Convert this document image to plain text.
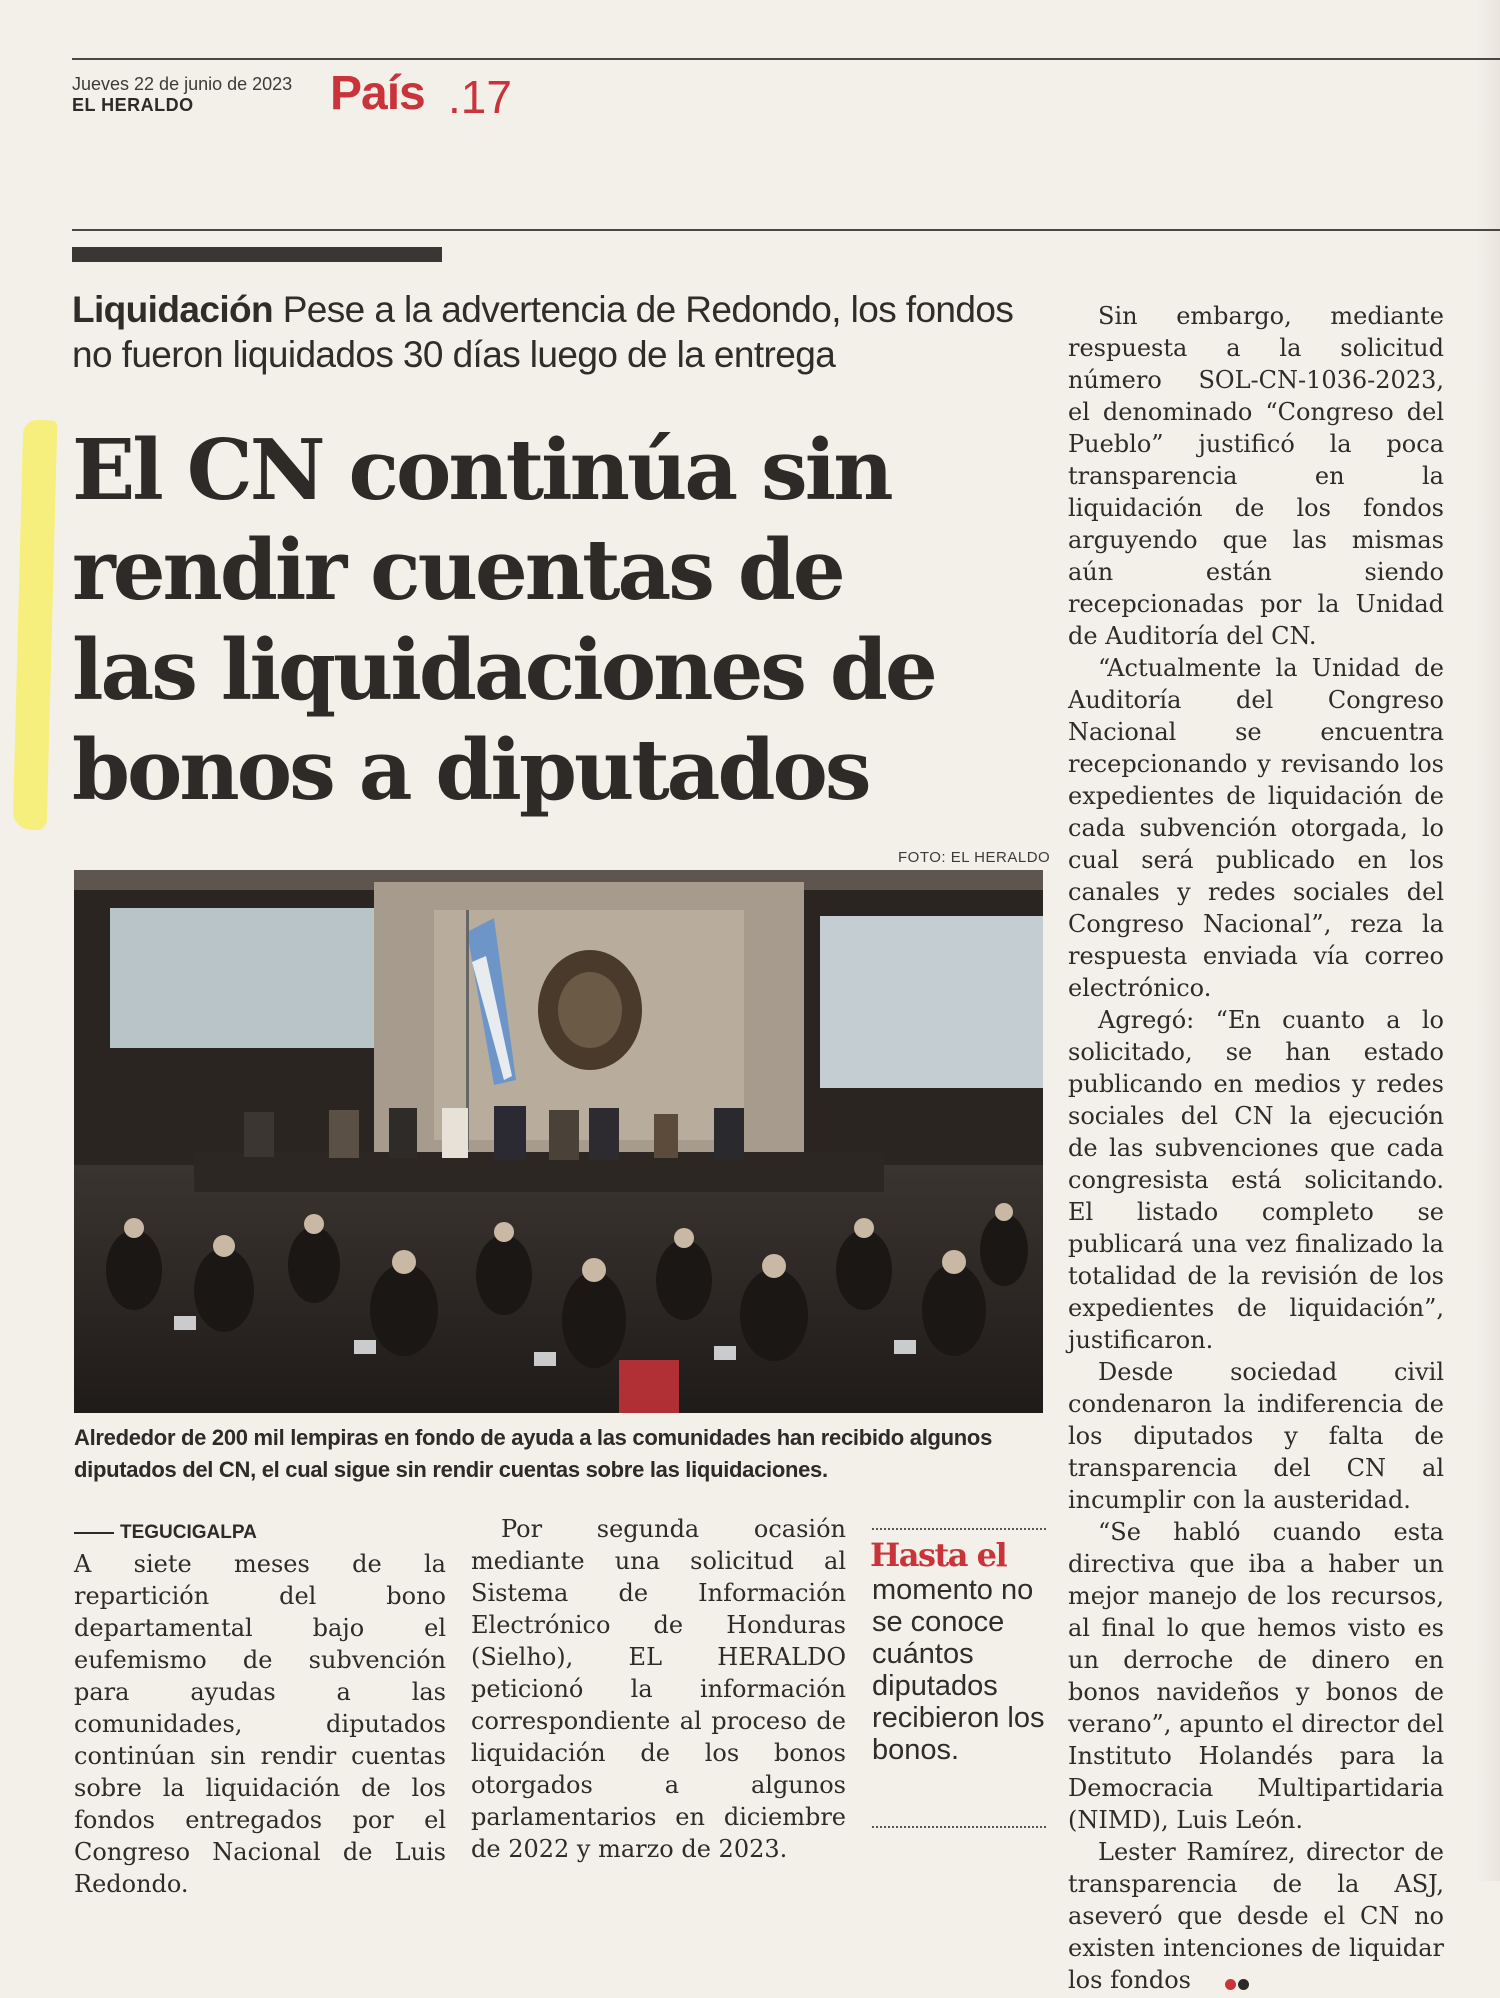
Jueves 22 de junio de 2023
EL HERALDO	País .17
Liquidación Pese a la advertencia de Redondo, los fondos no fueron liquidados 30 días luego de la entrega
El CN continúa sin
rendir cuentas de
las liquidaciones de
bonos a diputados
FOTO: EL HERALDO
Alrededor de 200 mil lempiras en fondo de ayuda a las comunidades han recibido algunos diputados del CN, el cual sigue sin rendir cuentas sobre las liquidaciones.
TEGUCIGALPA

A siete meses de la repartición del bono departamental bajo el eufemismo de subvención para ayudas a las comunidades, diputados continúan sin rendir cuentas sobre la liquidación de los fondos entregados por el Congreso Nacional de Luis Redondo.

Por segunda ocasión mediante una solicitud al Sistema de Información Electrónico de Honduras (Sielho), EL HERALDO peticionó la información correspondiente al proceso de liquidación de los bonos otorgados a algunos parlamentarios en diciembre de 2022 y marzo de 2023.

Hasta el
momento no se conoce cuántos diputados recibieron los bonos.

Sin embargo, mediante respuesta a la solicitud número SOL-CN-1036-2023, el denominado “Congreso del Pueblo” justificó la poca transparencia en la liquidación de los fondos arguyendo que las mismas aún están siendo recepcionadas por la Unidad de Auditoría del CN.

“Actualmente la Unidad de Auditoría del Congreso Nacional se encuentra recepcionando y revisando los expedientes de liquidación de cada subvención otorgada, lo cual será publicado en los canales y redes sociales del Congreso Nacional”, reza la respuesta enviada vía correo electrónico.

Agregó: “En cuanto a lo solicitado, se han estado publicando en medios y redes sociales del CN la ejecución de las subvenciones que cada congresista está solicitando. El listado completo se publicará una vez finalizado la totalidad de la revisión de los expedientes de liquidación”, justificaron.

Desde sociedad civil condenaron la indiferencia de los diputados y falta de transparencia del CN al incumplir con la austeridad.

“Se habló cuando esta directiva que iba a haber un mejor manejo de los recursos, al final lo que hemos visto es un derroche de dinero en bonos navideños y bonos de verano”, apunto el director del Instituto Holandés para la Democracia Multipartidaria (NIMD), Luis León.

Lester Ramírez, director de transparencia de la ASJ, aseveró que desde el CN no existen intenciones de liquidar los fondos
